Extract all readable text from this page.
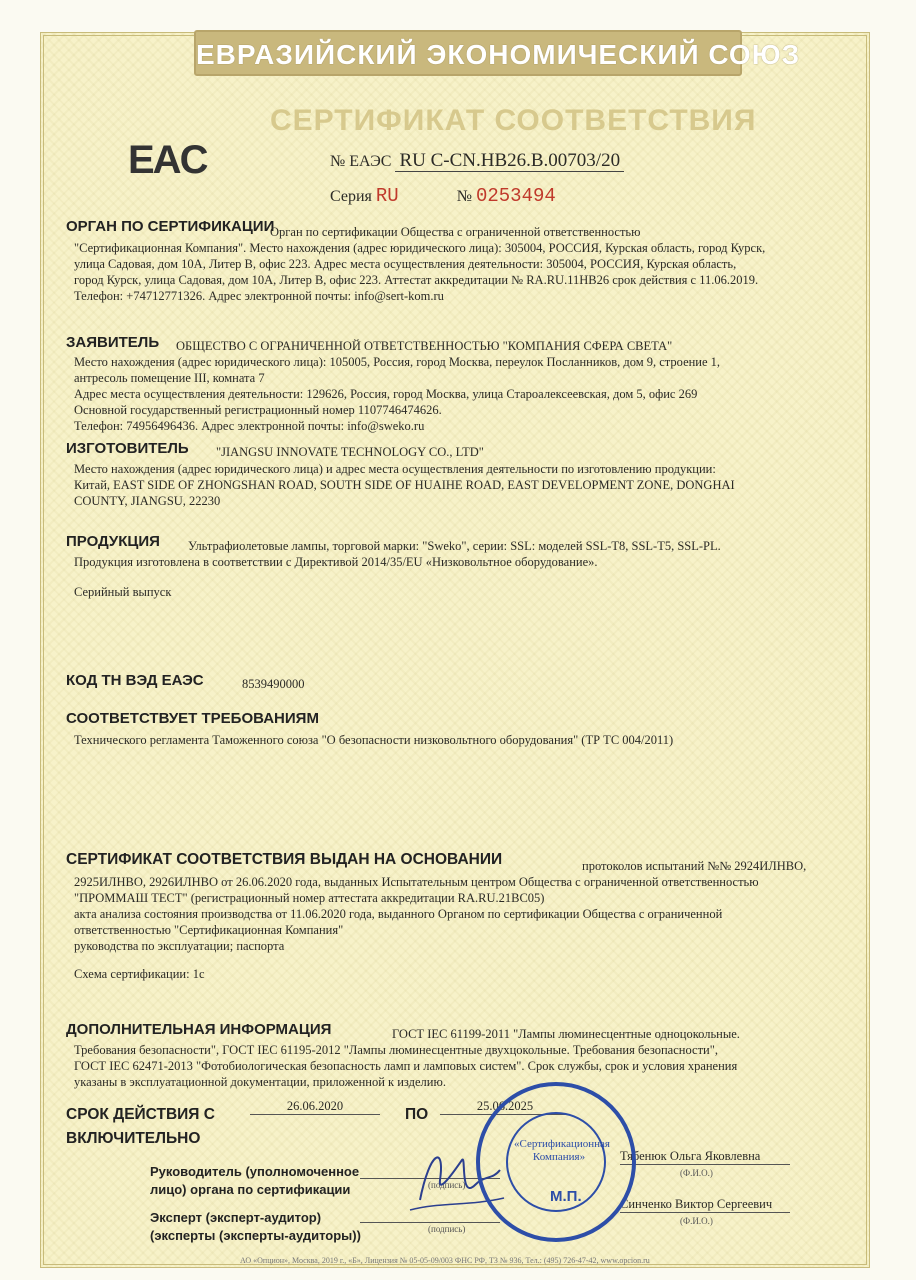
ЕВРАЗИЙСКИЙ ЭКОНОМИЧЕСКИЙ СОЮЗ
СЕРТИФИКАТ СООТВЕТСТВИЯ
EAC	№ ЕАЭС RU C-CN.НВ26.В.00703/20
Серия RU	№ 0253494
ОРГАН ПО СЕРТИФИКАЦИИ
Орган по сертификации Общества с ограниченной ответственностью
"Сертификационная Компания". Место нахождения (адрес юридического лица): 305004, РОССИЯ, Курская область, город Курск,
улица Садовая, дом 10А, Литер В, офис 223. Адрес места осуществления деятельности: 305004, РОССИЯ, Курская область,
город Курск, улица Садовая, дом 10А, Литер В, офис 223. Аттестат аккредитации № RA.RU.11НВ26 срок действия с 11.06.2019.
Телефон: +74712771326. Адрес электронной почты: info@sert-kom.ru
ЗАЯВИТЕЛЬ ОБЩЕСТВО С ОГРАНИЧЕННОЙ ОТВЕТСТВЕННОСТЬЮ "КОМПАНИЯ СФЕРА СВЕТА"
Место нахождения (адрес юридического лица): 105005, Россия, город Москва, переулок Посланников, дом 9, строение 1,
антресоль помещение III, комната 7
Адрес места осуществления деятельности: 129626, Россия, город Москва, улица Староалексеевская, дом 5, офис 269
Основной государственный регистрационный номер 1107746474626.
Телефон: 74956496436. Адрес электронной почты: info@sweko.ru
ИЗГОТОВИТЕЛЬ "JIANGSU INNOVATE TECHNOLOGY CO., LTD"
Место нахождения (адрес юридического лица) и адрес места осуществления деятельности по изготовлению продукции:
Китай, EAST SIDE OF ZHONGSHAN ROAD, SOUTH SIDE OF HUAIHE ROAD, EAST DEVELOPMENT ZONE, DONGHAI
COUNTY, JIANGSU, 22230
ПРОДУКЦИЯ Ультрафиолетовые лампы, торговой марки: "Sweko", серии: SSL: моделей SSL-T8, SSL-T5, SSL-PL.
Продукция изготовлена в соответствии с Директивой 2014/35/EU «Низковольтное оборудование».
Серийный выпуск
КОД ТН ВЭД ЕАЭС	8539490000
СООТВЕТСТВУЕТ ТРЕБОВАНИЯМ
Технического регламента Таможенного союза "О безопасности низковольтного оборудования" (ТР ТС 004/2011)
СЕРТИФИКАТ СООТВЕТСТВИЯ ВЫДАН НА ОСНОВАНИИ	протоколов испытаний №№ 2924ИЛНВО,
2925ИЛНВО, 2926ИЛНВО от 26.06.2020 года, выданных Испытательным центром Общества с ограниченной ответственностью
"ПРОММАШ ТЕСТ" (регистрационный номер аттестата аккредитации RA.RU.21ВС05)
акта анализа состояния производства от 11.06.2020 года, выданного Органом по сертификации Общества с ограниченной
ответственностью "Сертификационная Компания"
руководства по эксплуатации; паспорта
Схема сертификации: 1с
ДОПОЛНИТЕЛЬНАЯ ИНФОРМАЦИЯ	ГОСТ IEC 61199-2011 "Лампы люминесцентные одноцокольные.
Требования безопасности", ГОСТ IEC 61195-2012 "Лампы люминесцентные двухцокольные. Требования безопасности",
ГОСТ IEC 62471-2013 "Фотобиологическая безопасность ламп и ламповых систем". Срок службы, срок и условия хранения
указаны в эксплуатационной документации, приложенной к изделию.
СРОК ДЕЙСТВИЯ С	26.06.2020	ПО	25.06.2025
ВКЛЮЧИТЕЛЬНО
Руководитель (уполномоченное
лицо) органа по сертификации	(подпись)
Тябенюк Ольга Яковлевна
(Ф.И.О.)
Эксперт (эксперт-аудитор)
(эксперты (эксперты-аудиторы))	(подпись)
Синченко Виктор Сергеевич
(Ф.И.О.)
«Сертификационная Компания»
М.П.
АО «Опцион», Москва, 2019 г., «Б», Лицензия № 05-05-09/003 ФНС РФ, ТЗ № 936, Тел.: (495) 726-47-42, www.opcion.ru
